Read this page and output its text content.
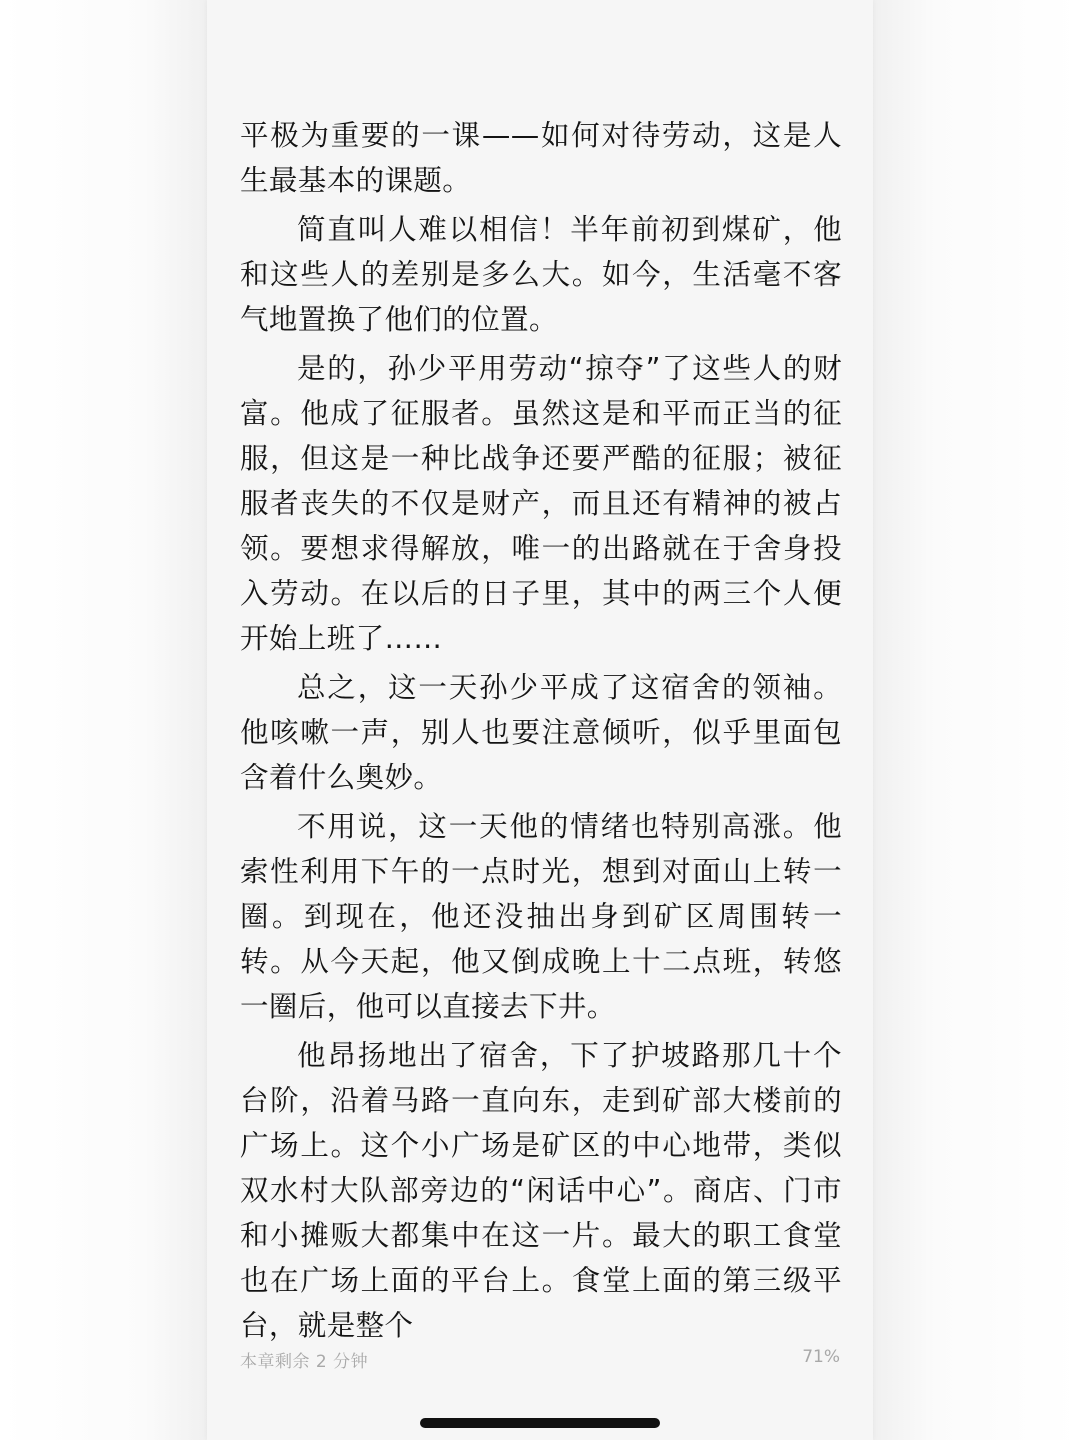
平极为重要的一课——如何对待劳动，这是人生最基本的课题。

简直叫人难以相信！半年前初到煤矿，他和这些人的差别是多么大。如今，生活毫不客气地置换了他们的位置。

是的，孙少平用劳动“掠夺”了这些人的财富。他成了征服者。虽然这是和平而正当的征服，但这是一种比战争还要严酷的征服；被征服者丧失的不仅是财产，而且还有精神的被占领。要想求得解放，唯一的出路就在于舍身投入劳动。在以后的日子里，其中的两三个人便开始上班了……

总之，这一天孙少平成了这宿舍的领袖。他咳嗽一声，别人也要注意倾听，似乎里面包含着什么奥妙。

不用说，这一天他的情绪也特别高涨。他索性利用下午的一点时光，想到对面山上转一圈。到现在，他还没抽出身到矿区周围转一转。从今天起，他又倒成晚上十二点班，转悠一圈后，他可以直接去下井。

他昂扬地出了宿舍，下了护坡路那几十个台阶，沿着马路一直向东，走到矿部大楼前的广场上。这个小广场是矿区的中心地带，类似双水村大队部旁边的“闲话中心”。商店、门市和小摊贩大都集中在这一片。最大的职工食堂也在广场上面的平台上。食堂上面的第三级平台，就是整个

本章剩余 2 分钟	71%
